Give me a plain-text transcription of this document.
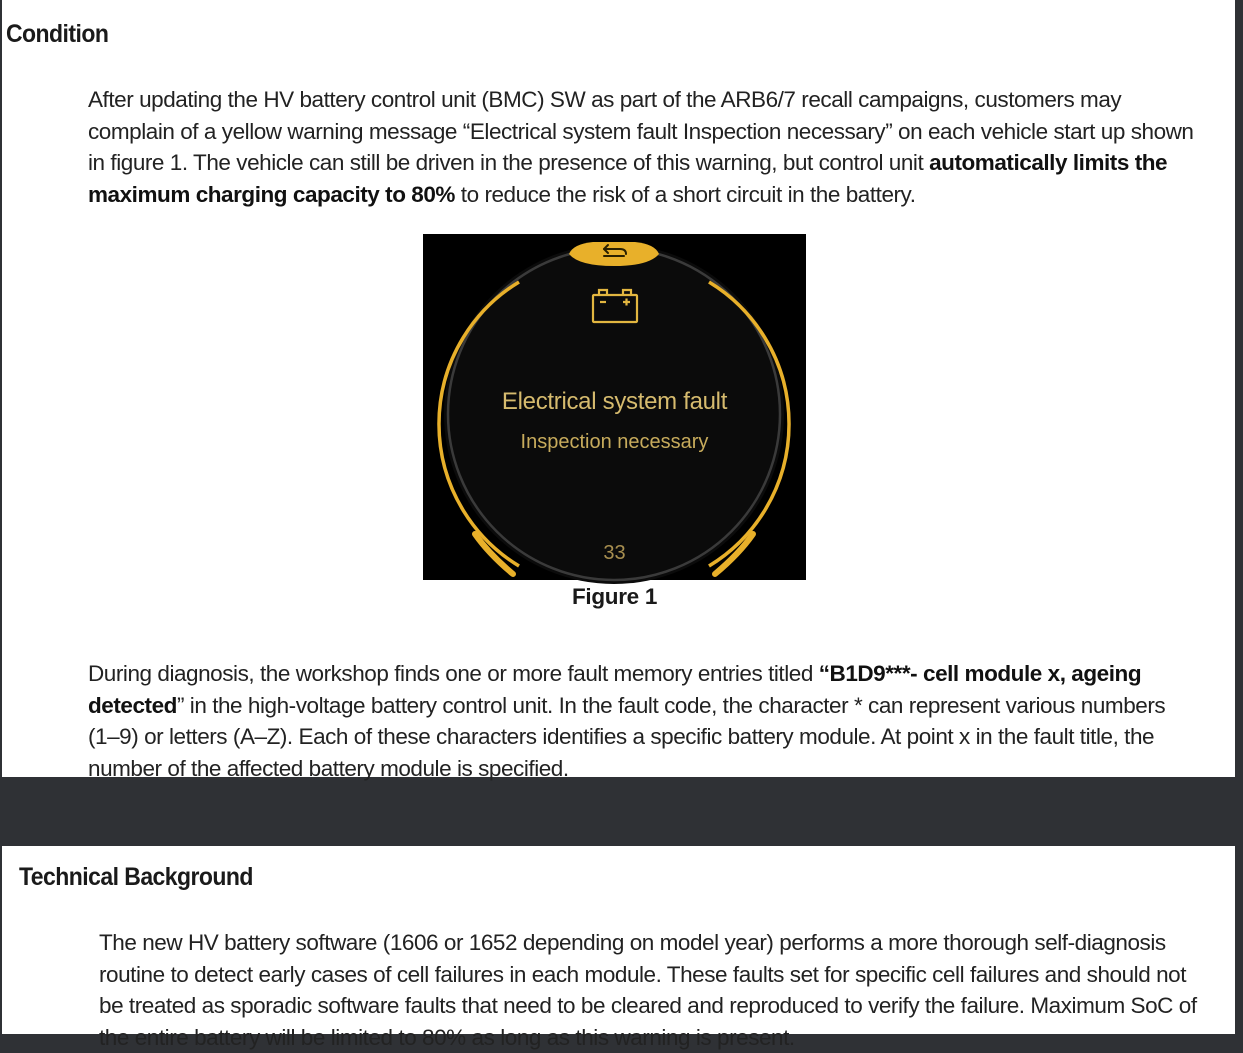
Condition
After updating the HV battery control unit (BMC) SW as part of the ARB6/7 recall campaigns, customers may
complain of a yellow warning message “Electrical system fault Inspection necessary” on each vehicle start up shown
in figure 1. The vehicle can still be driven in the presence of this warning, but control unit automatically limits the
maximum charging capacity to 80% to reduce the risk of a short circuit in the battery.
Electrical system fault
Inspection necessary
33
Figure 1
During diagnosis, the workshop finds one or more fault memory entries titled “B1D9***- cell module x, ageing
detected” in the high-voltage battery control unit. In the fault code, the character * can represent various numbers
(1–9) or letters (A–Z). Each of these characters identifies a specific battery module. At point x in the fault title, the
number of the affected battery module is specified.
Technical Background
The new HV battery software (1606 or 1652 depending on model year) performs a more thorough self-diagnosis
routine to detect early cases of cell failures in each module. These faults set for specific cell failures and should not
be treated as sporadic software faults that need to be cleared and reproduced to verify the failure. Maximum SoC of
the entire battery will be limited to 80% as long as this warning is present.
